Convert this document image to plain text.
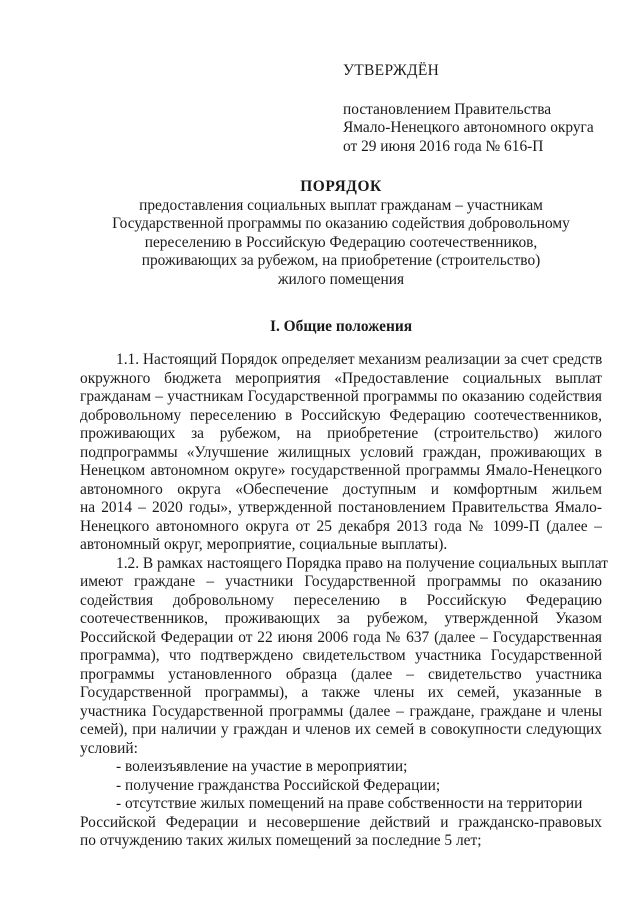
УТВЕРЖДЁН
постановлением Правительства
Ямало-Ненецкого автономного округа
от 29 июня 2016 года № 616-П
ПОРЯДОК
предоставления социальных выплат гражданам – участникам
Государственной программы по оказанию содействия добровольному
переселению в Российскую Федерацию соотечественников,
проживающих за рубежом, на приобретение (строительство)
жилого помещения
I. Общие положения
1.1. Настоящий Порядок определяет механизм реализации за счет средств
окружного бюджета мероприятия «Предоставление социальных выплат
гражданам – участникам Государственной программы по оказанию содействия
добровольному переселению в Российскую Федерацию соотечественников,
проживающих за рубежом, на приобретение (строительство) жилого
подпрограммы «Улучшение жилищных условий граждан, проживающих в
Ненецком автономном округе» государственной программы Ямало-Ненецкого
автономного округа «Обеспечение доступным и комфортным жильем
на 2014 – 2020 годы», утвержденной постановлением Правительства Ямало-
Ненецкого автономного округа от 25 декабря 2013 года № 1099-П (далее –
автономный округ, мероприятие, социальные выплаты).
1.2. В рамках настоящего Порядка право на получение социальных выплат
имеют граждане – участники Государственной программы по оказанию
содействия добровольному переселению в Российскую Федерацию
соотечественников, проживающих за рубежом, утвержденной Указом
Российской Федерации от 22 июня 2006 года № 637 (далее – Государственная
программа), что подтверждено свидетельством участника Государственной
программы установленного образца (далее – свидетельство участника
Государственной программы), а также члены их семей, указанные в
участника Государственной программы (далее – граждане, граждане и члены
семей), при наличии у граждан и членов их семей в совокупности следующих
условий:
- волеизъявление на участие в мероприятии;
- получение гражданства Российской Федерации;
- отсутствие жилых помещений на праве собственности на территории
Российской Федерации и несовершение действий и гражданско-правовых
по отчуждению таких жилых помещений за последние 5 лет;
